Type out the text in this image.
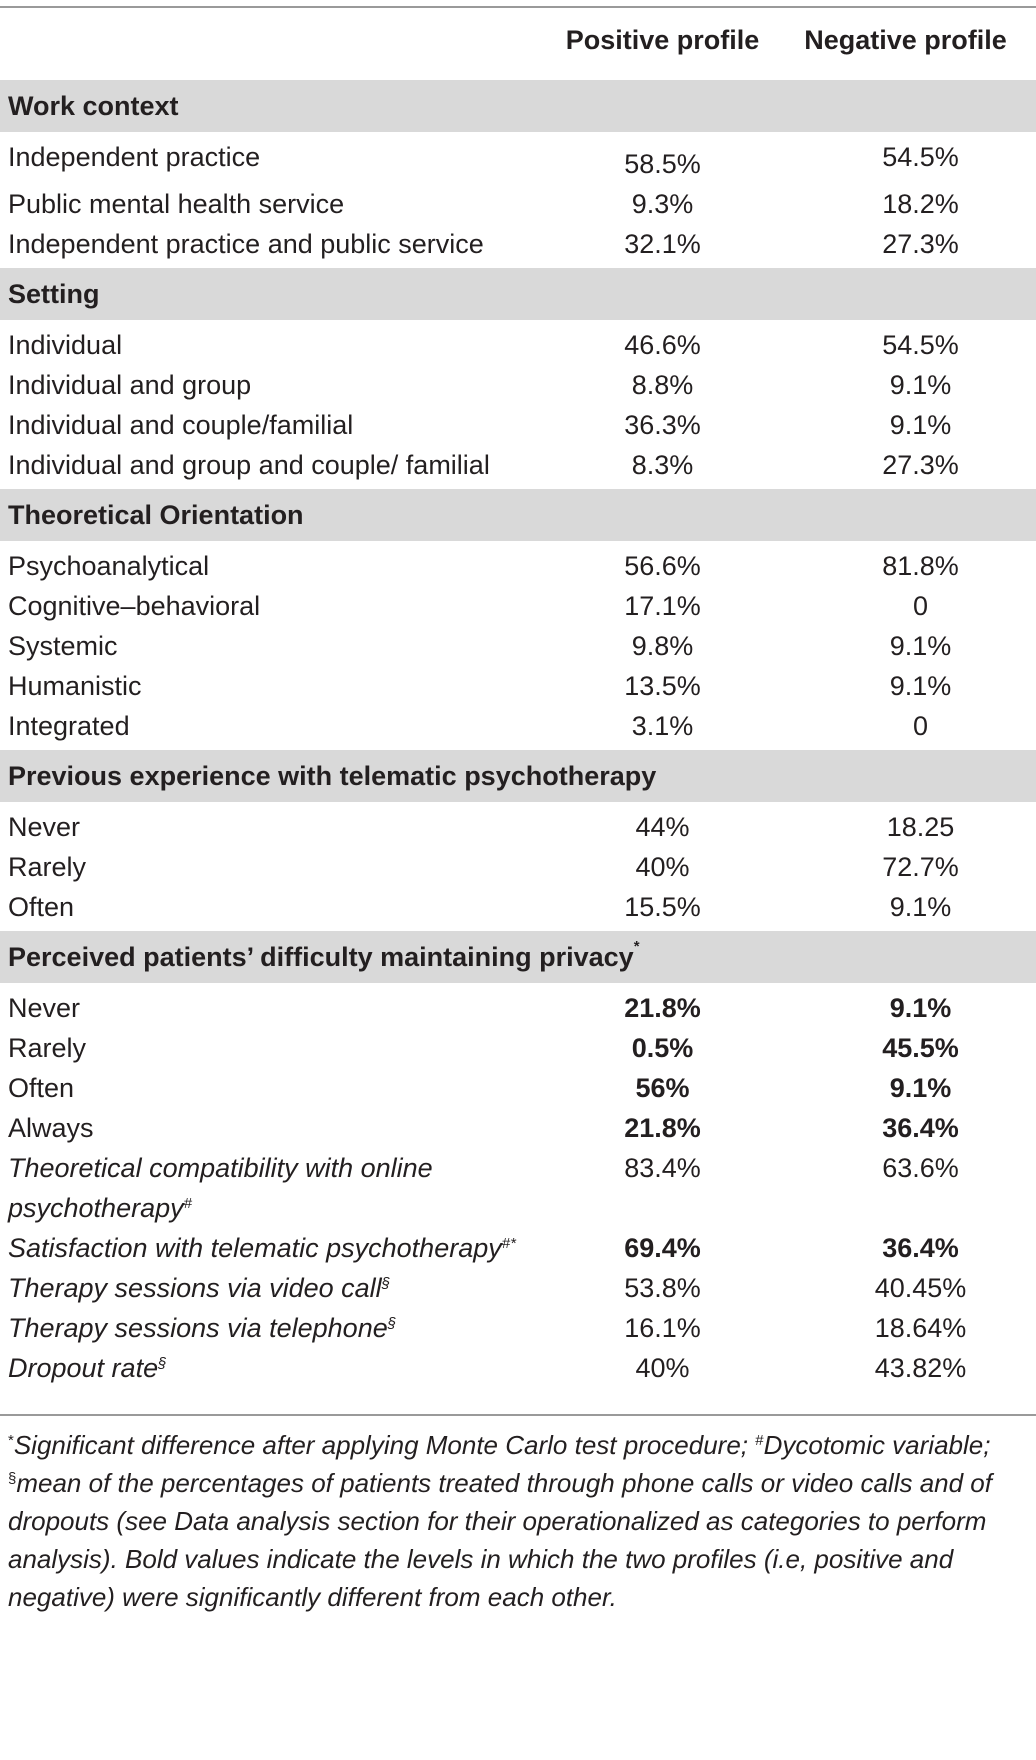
	Positive profile	Negative profile
Work context		
Independent practice	58.5%	54.5%
Public mental health service	9.3%	18.2%
Independent practice and public service	32.1%	27.3%
Setting		
Individual	46.6%	54.5%
Individual and group	8.8%	9.1%
Individual and couple/familial	36.3%	9.1%
Individual and group and couple/ familial	8.3%	27.3%
Theoretical Orientation		
Psychoanalytical	56.6%	81.8%
Cognitive–behavioral	17.1%	0
Systemic	9.8%	9.1%
Humanistic	13.5%	9.1%
Integrated	3.1%	0
Previous experience with telematic psychotherapy		
Never	44%	18.25
Rarely	40%	72.7%
Often	15.5%	9.1%
Perceived patients’ difficulty maintaining privacy*
Never	21.8%	9.1%
Rarely	0.5%	45.5%
Often	56%	9.1%
Always	21.8%	36.4%
Theoretical compatibility with online psychotherapy#	83.4%	63.6%
Satisfaction with telematic psychotherapy#*	69.4%	36.4%
Therapy sessions via video call§	53.8%	40.45%
Therapy sessions via telephone§	16.1%	18.64%
Dropout rate§	40%	43.82%
*Significant difference after applying Monte Carlo test procedure; #Dycotomic variable; §mean of the percentages of patients treated through phone calls or video calls and of dropouts (see Data analysis section for their operationalized as categories to perform analysis). Bold values indicate the levels in which the two profiles (i.e, positive and negative) were significantly different from each other.
